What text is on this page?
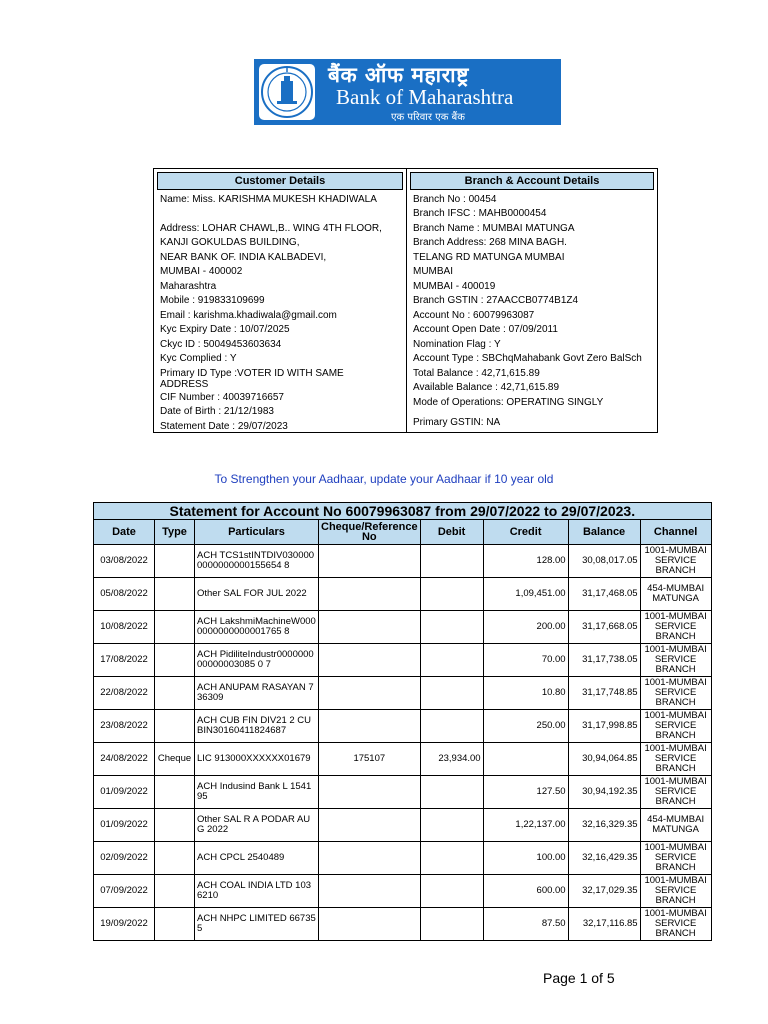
बैंक ऑफ महाराष्ट्र
Bank of Maharashtra
एक परिवार एक बैंक
Customer Details
Name: Miss. KARISHMA MUKESH KHADIWALA
Address: LOHAR CHAWL,B.. WING 4TH FLOOR,
KANJI GOKULDAS BUILDING,
NEAR BANK OF. INDIA KALBADEVI,
MUMBAI - 400002
Maharashtra
Mobile : 919833109699
Email : karishma.khadiwala@gmail.com
Kyc Expiry Date : 10/07/2025
Ckyc ID : 50049453603634
Kyc Complied : Y
Primary ID Type :VOTER ID WITH SAME ADDRESS
CIF Number : 40039716657
Date of Birth : 21/12/1983
Statement Date : 29/07/2023
Branch & Account Details
Branch No : 00454
Branch IFSC : MAHB0000454
Branch Name : MUMBAI MATUNGA
Branch Address: 268 MINA BAGH.
TELANG RD MATUNGA MUMBAI
MUMBAI
MUMBAI - 400019
Branch GSTIN : 27AACCB0774B1Z4
Account No : 60079963087
Account Open Date : 07/09/2011
Nomination Flag : Y
Account Type : SBChqMahabank Govt Zero BalSch
Total Balance : 42,71,615.89
Available Balance : 42,71,615.89
Mode of Operations: OPERATING SINGLY
Primary GSTIN: NA
To Strengthen your Aadhaar, update your Aadhaar if 10 year old
Statement for Account No 60079963087 from 29/07/2022 to 29/07/2023.							
Date	Type	Particulars	Cheque/Reference No	Debit	Credit	Balance	Channel
03/08/2022		ACH TCS1stINTDIV0300000000000000155654 8			128.00	30,08,017.05	1001-MUMBAI SERVICE BRANCH
05/08/2022		Other SAL FOR JUL 2022			1,09,451.00	31,17,468.05	454-MUMBAI MATUNGA
10/08/2022		ACH LakshmiMachineW0000000000000001765 8			200.00	31,17,668.05	1001-MUMBAI SERVICE BRANCH
17/08/2022		ACH PidiliteIndustr000000000000003085 0 7			70.00	31,17,738.05	1001-MUMBAI SERVICE BRANCH
22/08/2022		ACH ANUPAM RASAYAN 736309			10.80	31,17,748.85	1001-MUMBAI SERVICE BRANCH
23/08/2022		ACH CUB FIN DIV21 2 CUBIN30160411824687			250.00	31,17,998.85	1001-MUMBAI SERVICE BRANCH
24/08/2022	Cheque	LIC 913000XXXXXX01679	175107	23,934.00		30,94,064.85	1001-MUMBAI SERVICE BRANCH
01/09/2022		ACH Indusind Bank L 154195			127.50	30,94,192.35	1001-MUMBAI SERVICE BRANCH
01/09/2022		Other SAL R A PODAR AUG 2022			1,22,137.00	32,16,329.35	454-MUMBAI MATUNGA
02/09/2022		ACH CPCL 2540489			100.00	32,16,429.35	1001-MUMBAI SERVICE BRANCH
07/09/2022		ACH COAL INDIA LTD 1036210			600.00	32,17,029.35	1001-MUMBAI SERVICE BRANCH
19/09/2022		ACH NHPC LIMITED 667355			87.50	32,17,116.85	1001-MUMBAI SERVICE BRANCH
Page 1 of 5
